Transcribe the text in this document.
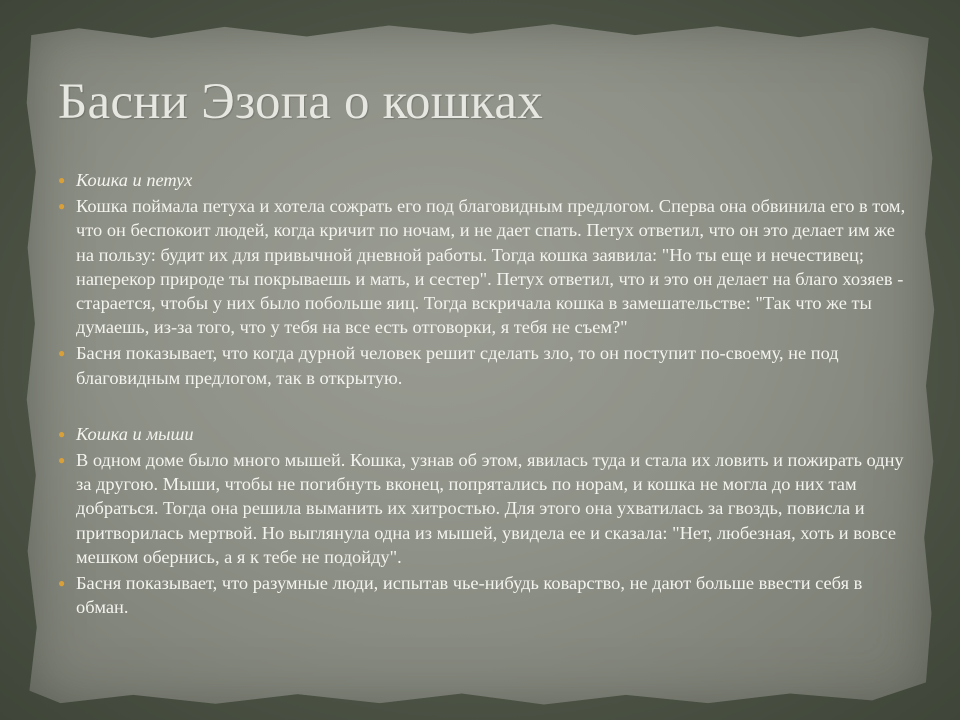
Басни Эзопа о кошках
● Кошка и петух
● Кошка поймала петуха и хотела сожрать его под благовидным предлогом. Сперва она обвинила его в том, что он беспокоит людей, когда кричит по ночам, и не дает спать. Петух ответил, что он это делает им же на пользу: будит их для привычной дневной работы. Тогда кошка заявила: "Но ты еще и нечестивец; наперекор природе ты покрываешь и мать, и сестер". Петух ответил, что и это он делает на благо хозяев - старается, чтобы у них было побольше яиц. Тогда вскричала кошка в замешательстве: "Так что же ты думаешь, из-за того, что у тебя на все есть отговорки, я тебя не съем?"
● Басня показывает, что когда дурной человек решит сделать зло, то он поступит по-своему, не под благовидным предлогом, так в открытую.
● Кошка и мыши
● В одном доме было много мышей. Кошка, узнав об этом, явилась туда и стала их ловить и пожирать одну за другою. Мыши, чтобы не погибнуть вконец, попрятались по норам, и кошка не могла до них там добраться. Тогда она решила выманить их хитростью. Для этого она ухватилась за гвоздь, повисла и притворилась мертвой. Но выглянула одна из мышей, увидела ее и сказала: "Нет, любезная, хоть и вовсе мешком обернись, а я к тебе не подойду".
● Басня показывает, что разумные люди, испытав чье-нибудь коварство, не дают больше ввести себя в обман.
